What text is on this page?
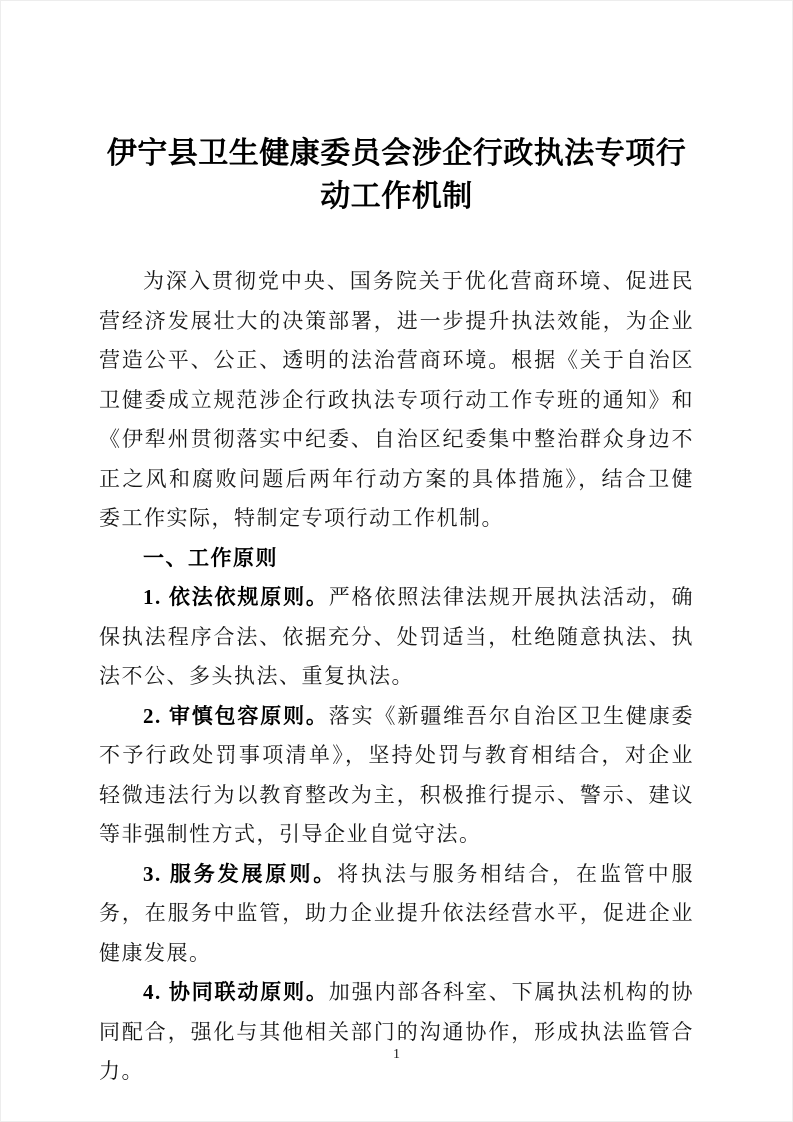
伊宁县卫生健康委员会涉企行政执法专项行动工作机制

为深入贯彻党中央、国务院关于优化营商环境、促进民营经济发展壮大的决策部署，进一步提升执法效能，为企业营造公平、公正、透明的法治营商环境。根据《关于自治区卫健委成立规范涉企行政执法专项行动工作专班的通知》和《伊犁州贯彻落实中纪委、自治区纪委集中整治群众身边不正之风和腐败问题后两年行动方案的具体措施》，结合卫健委工作实际，特制定专项行动工作机制。

一、工作原则

1. 依法依规原则。严格依照法律法规开展执法活动，确保执法程序合法、依据充分、处罚适当，杜绝随意执法、执法不公、多头执法、重复执法。

2. 审慎包容原则。落实《新疆维吾尔自治区卫生健康委不予行政处罚事项清单》，坚持处罚与教育相结合，对企业轻微违法行为以教育整改为主，积极推行提示、警示、建议等非强制性方式，引导企业自觉守法。

3. 服务发展原则。将执法与服务相结合，在监管中服务，在服务中监管，助力企业提升依法经营水平，促进企业健康发展。

4. 协同联动原则。加强内部各科室、下属执法机构的协同配合，强化与其他相关部门的沟通协作，形成执法监管合力。

1
